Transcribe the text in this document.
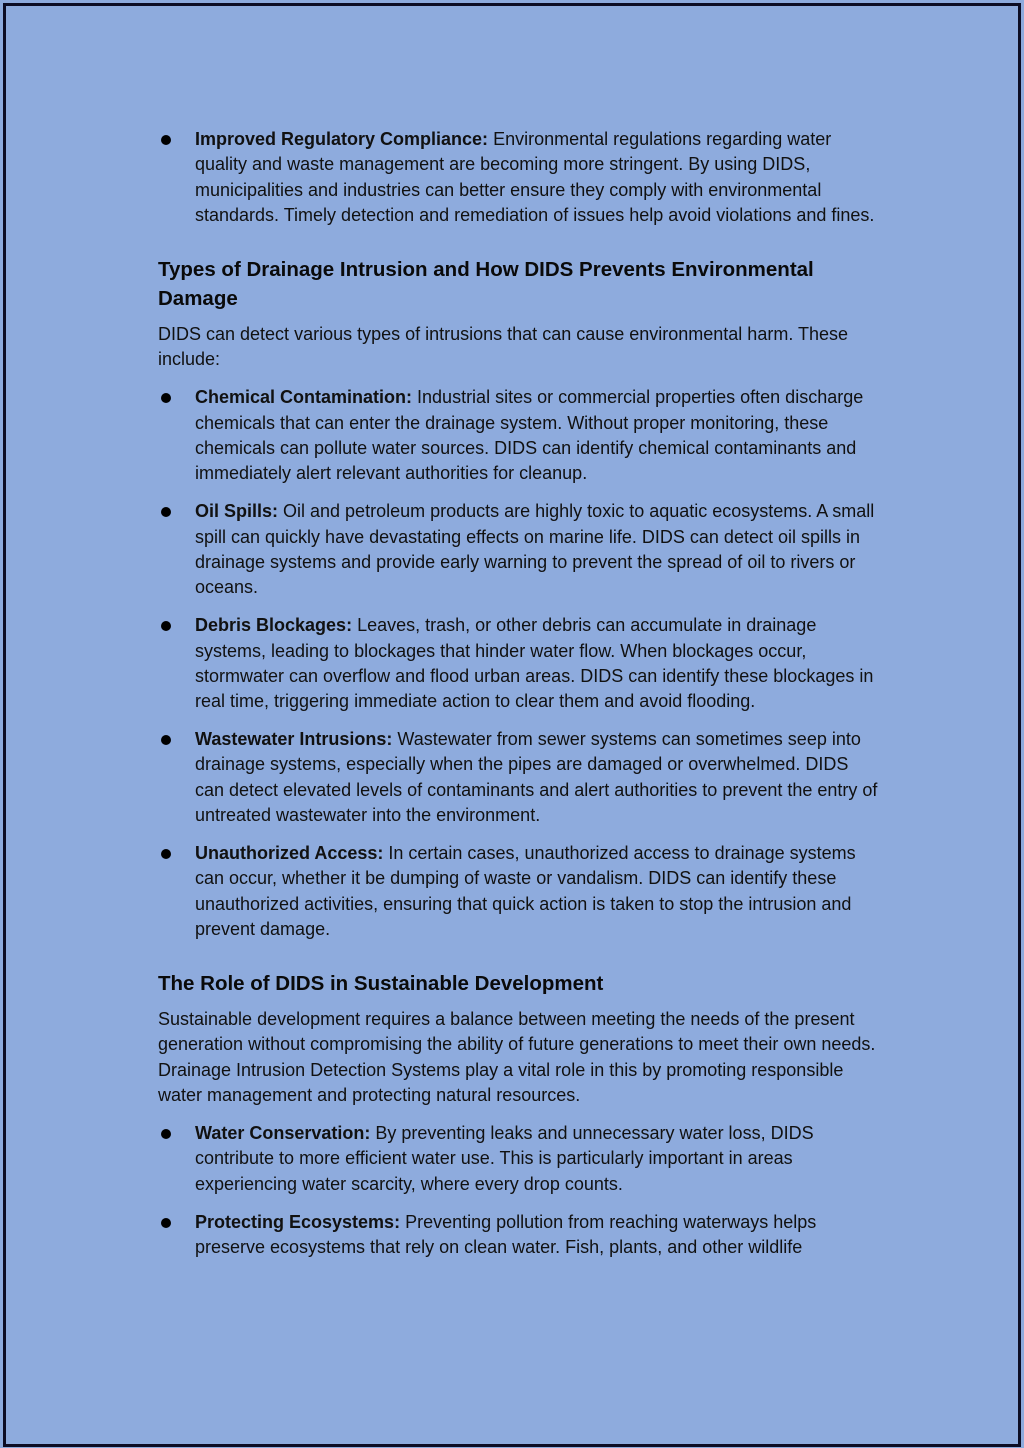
Improved Regulatory Compliance: Environmental regulations regarding water quality and waste management are becoming more stringent. By using DIDS, municipalities and industries can better ensure they comply with environmental standards. Timely detection and remediation of issues help avoid violations and fines.
Types of Drainage Intrusion and How DIDS Prevents Environmental Damage

DIDS can detect various types of intrusions that can cause environmental harm. These include:

Chemical Contamination: Industrial sites or commercial properties often discharge chemicals that can enter the drainage system. Without proper monitoring, these chemicals can pollute water sources. DIDS can identify chemical contaminants and immediately alert relevant authorities for cleanup.
Oil Spills: Oil and petroleum products are highly toxic to aquatic ecosystems. A small spill can quickly have devastating effects on marine life. DIDS can detect oil spills in drainage systems and provide early warning to prevent the spread of oil to rivers or oceans.
Debris Blockages: Leaves, trash, or other debris can accumulate in drainage systems, leading to blockages that hinder water flow. When blockages occur, stormwater can overflow and flood urban areas. DIDS can identify these blockages in real time, triggering immediate action to clear them and avoid flooding.
Wastewater Intrusions: Wastewater from sewer systems can sometimes seep into drainage systems, especially when the pipes are damaged or overwhelmed. DIDS can detect elevated levels of contaminants and alert authorities to prevent the entry of untreated wastewater into the environment.
Unauthorized Access: In certain cases, unauthorized access to drainage systems can occur, whether it be dumping of waste or vandalism. DIDS can identify these unauthorized activities, ensuring that quick action is taken to stop the intrusion and prevent damage.
The Role of DIDS in Sustainable Development

Sustainable development requires a balance between meeting the needs of the present generation without compromising the ability of future generations to meet their own needs. Drainage Intrusion Detection Systems play a vital role in this by promoting responsible water management and protecting natural resources.

Water Conservation: By preventing leaks and unnecessary water loss, DIDS contribute to more efficient water use. This is particularly important in areas experiencing water scarcity, where every drop counts.
Protecting Ecosystems: Preventing pollution from reaching waterways helps preserve ecosystems that rely on clean water. Fish, plants, and other wildlife
